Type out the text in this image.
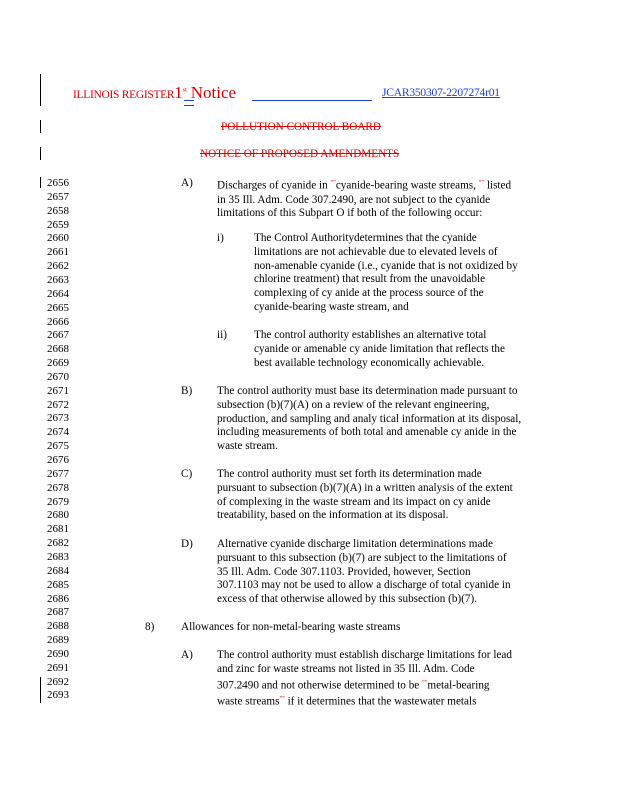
ILLINOIS REGISTER1st Notice	JCAR350307-2207274r01
POLLUTION CONTROL BOARD
NOTICE OF PROPOSED AMENDMENTS
2656
2657
2658
2659
2660
2661
2662
2663
2664
2665
2666
2667
2668
2669
2670
2671
2672
2673
2674
2675
2676
2677
2678
2679
2680
2681
2682
2683
2684
2685
2686
2687
2688
2689
2690
2691
2692
2693
A) Discharges of cyanide in “”cyanide-bearing waste streams, ”” listed
in 35 Ill. Adm. Code 307.2490, are not subject to the cyanide
limitations of this Subpart O if both of the following occur:
i)	The Control Authoritydetermines that the cyanide
limitations are not achievable due to elevated levels of
non-amenable cyanide (i.e., cyanide that is not oxidized by
chlorine treatment) that result from the unavoidable
complexing of cy anide at the process source of the
cyanide-bearing waste stream, and
ii) The control authority establishes an alternative total
cyanide or amenable cy anide limitation that reflects the
best available technology economically achievable.
B) The control authority must base its determination made pursuant to
subsection (b)(7)(A) on a review of the relevant engineering,
production, and sampling and analy tical information at its disposal,
including measurements of both total and amenable cy anide in the
waste stream.
C) The control authority must set forth its determination made
pursuant to subsection (b)(7)(A) in a written analysis of the extent
of complexing in the waste stream and its impact on cy anide
treatability, based on the information at its disposal.
D) Alternative cyanide discharge limitation determinations made
pursuant to this subsection (b)(7) are subject to the limitations of
35 Ill. Adm. Code 307.1103. Provided, however, Section
307.1103 may not be used to allow a discharge of total cyanide in
excess of that otherwise allowed by this subsection (b)(7).
8) Allowances for non-metal-bearing waste streams
A) The control authority must establish discharge limitations for lead
and zinc for waste streams not listed in 35 Ill. Adm. Code
307.2490 and not otherwise determined to be “”metal-bearing
waste streams”” if it determines that the wastewater metals
